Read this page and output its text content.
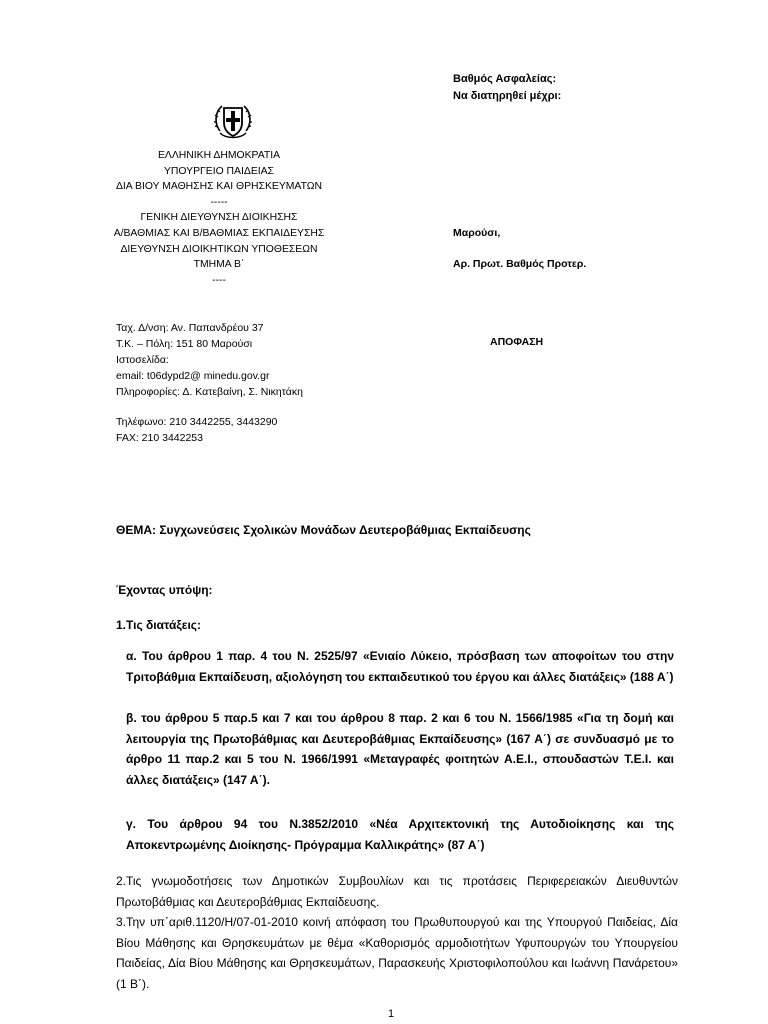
Βαθμός Ασφαλείας:
Να διατηρηθεί μέχρι:
ΕΛΛΗΝΙΚΗ ΔΗΜΟΚΡΑΤΙΑ
ΥΠΟΥΡΓΕΙΟ ΠΑΙΔΕΙΑΣ
ΔΙΑ ΒΙΟΥ ΜΑΘΗΣΗΣ ΚΑΙ ΘΡΗΣΚΕΥΜΑΤΩΝ
-----
ΓΕΝΙΚΗ ΔΙΕΥΘΥΝΣΗ ΔΙΟΙΚΗΣΗΣ
Α/ΒΑΘΜΙΑΣ ΚΑΙ Β/ΒΑΘΜΙΑΣ ΕΚΠΑΙΔΕΥΣΗΣ
ΔΙΕΥΘΥΝΣΗ ΔΙΟΙΚΗΤΙΚΩΝ ΥΠΟΘΕΣΕΩΝ
ΤΜΗΜΑ Β΄
----
Μαρούσι,
Αρ. Πρωτ. Βαθμός Προτερ.
Ταχ. Δ/νση: Αν. Παπανδρέου 37
Τ.Κ. – Πόλη: 151 80 Μαρούσι
Ιστοσελίδα:
email: t06dypd2@ minedu.gov.gr
Πληροφορίες: Δ. Κατεβαίνη, Σ. Νικητάκη
Τηλέφωνο: 210 3442255, 3443290
FAX: 210 3442253
ΑΠΟΦΑΣΗ
ΘΕΜΑ: Συγχωνεύσεις Σχολικών Μονάδων Δευτεροβάθμιας Εκπαίδευσης
Έχοντας υπόψη:
1.Τις διατάξεις:
α. Του άρθρου 1 παρ. 4 του Ν. 2525/97 «Ενιαίο Λύκειο, πρόσβαση των αποφοίτων του στην Τριτοβάθμια Εκπαίδευση, αξιολόγηση του εκπαιδευτικού του έργου και άλλες διατάξεις» (188 Α΄)
β. του άρθρου 5 παρ.5 και 7 και του άρθρου 8 παρ. 2 και 6 του Ν. 1566/1985 «Για τη δομή και λειτουργία της Πρωτοβάθμιας και Δευτεροβάθμιας Εκπαίδευσης» (167 Α΄) σε συνδυασμό με το άρθρο 11 παρ.2 και 5 του Ν. 1966/1991 «Μεταγραφές φοιτητών Α.Ε.Ι., σπουδαστών Τ.Ε.Ι. και άλλες διατάξεις» (147 Α΄).
γ. Του άρθρου 94 του Ν.3852/2010 «Νέα Αρχιτεκτονική της Αυτοδιοίκησης και της Αποκεντρωμένης Διοίκησης- Πρόγραμμα Καλλικράτης» (87 Α΄)
2.Τις γνωμοδοτήσεις των Δημοτικών Συμβουλίων και τις προτάσεις Περιφερειακών Διευθυντών Πρωτοβάθμιας και Δευτεροβάθμιας Εκπαίδευσης.
3.Την υπ΄αριθ.1120/Η/07-01-2010 κοινή απόφαση του Πρωθυπουργού και της Υπουργού Παιδείας, Δία Βίου Μάθησης και Θρησκευμάτων με θέμα «Καθορισμός αρμοδιοτήτων Υφυπουργών του Υπουργείου Παιδείας, Δία Βίου Μάθησης και Θρησκευμάτων, Παρασκευής Χριστοφιλοπούλου και Ιωάννη Πανάρετου» (1 Β΄).
1
